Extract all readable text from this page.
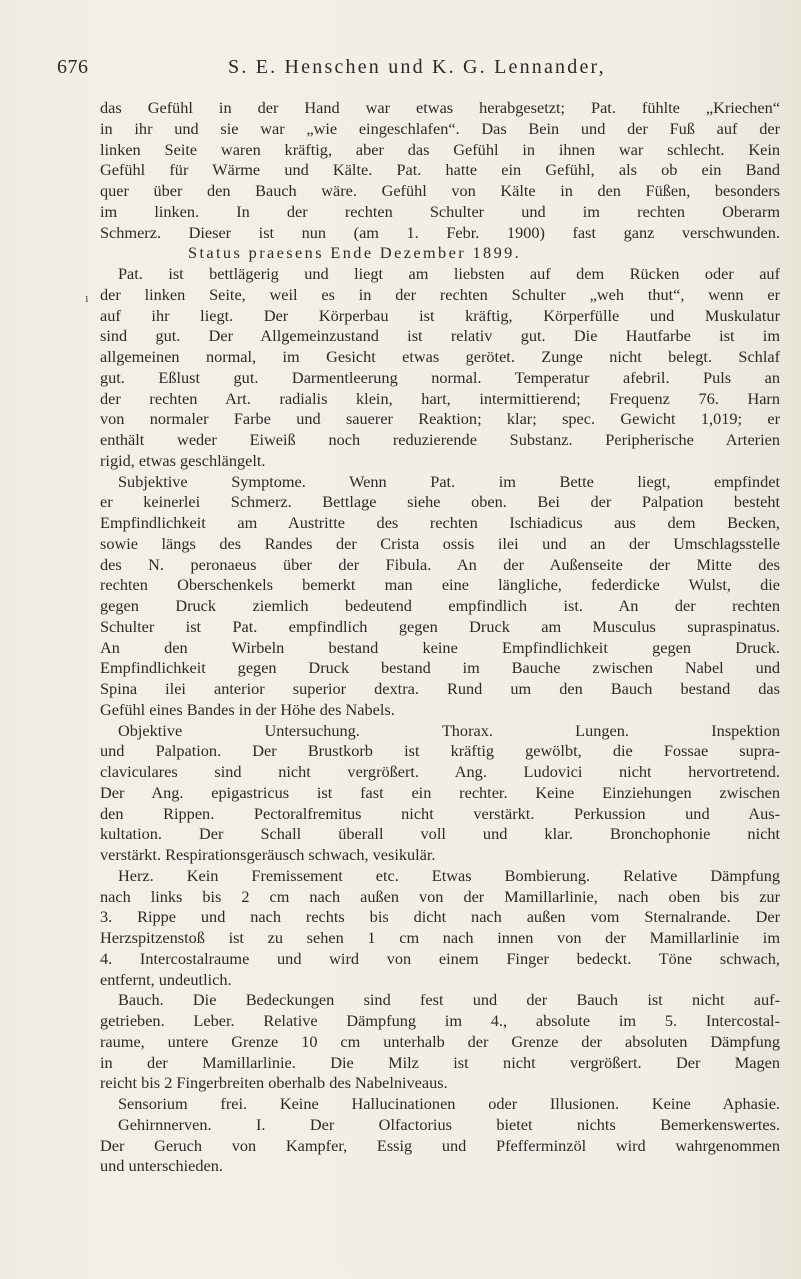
676	S. E. Henschen und K. G. Lennander,
ı
das Gefühl in der Hand war etwas herabgesetzt; Pat. fühlte „Kriechen“
in ihr und sie war „wie eingeschlafen“. Das Bein und der Fuß auf der
linken Seite waren kräftig, aber das Gefühl in ihnen war schlecht. Kein
Gefühl für Wärme und Kälte. Pat. hatte ein Gefühl, als ob ein Band
quer über den Bauch wäre. Gefühl von Kälte in den Füßen, besonders
im linken. In der rechten Schulter und im rechten Oberarm
Schmerz. Dieser ist nun (am 1. Febr. 1900) fast ganz verschwunden.
Status praesens Ende Dezember 1899.
Pat. ist bettlägerig und liegt am liebsten auf dem Rücken oder auf
der linken Seite, weil es in der rechten Schulter „weh thut“, wenn er
auf ihr liegt. Der Körperbau ist kräftig, Körperfülle und Muskulatur
sind gut. Der Allgemeinzustand ist relativ gut. Die Hautfarbe ist im
allgemeinen normal, im Gesicht etwas gerötet. Zunge nicht belegt. Schlaf
gut. Eßlust gut. Darmentleerung normal. Temperatur afebril. Puls an
der rechten Art. radialis klein, hart, intermittierend; Frequenz 76. Harn
von normaler Farbe und sauerer Reaktion; klar; spec. Gewicht 1,019; er
enthält weder Eiweiß noch reduzierende Substanz. Peripherische Arterien
rigid, etwas geschlängelt.
Subjektive Symptome. Wenn Pat. im Bette liegt, empfindet
er keinerlei Schmerz. Bettlage siehe oben. Bei der Palpation besteht
Empfindlichkeit am Austritte des rechten Ischiadicus aus dem Becken,
sowie längs des Randes der Crista ossis ilei und an der Umschlagsstelle
des N. peronaeus über der Fibula. An der Außenseite der Mitte des
rechten Oberschenkels bemerkt man eine längliche, federdicke Wulst, die
gegen Druck ziemlich bedeutend empfindlich ist. An der rechten
Schulter ist Pat. empfindlich gegen Druck am Musculus supraspinatus.
An den Wirbeln bestand keine Empfindlichkeit gegen Druck.
Empfindlichkeit gegen Druck bestand im Bauche zwischen Nabel und
Spina ilei anterior superior dextra. Rund um den Bauch bestand das
Gefühl eines Bandes in der Höhe des Nabels.
Objektive Untersuchung. Thorax. Lungen. Inspektion
und Palpation. Der Brustkorb ist kräftig gewölbt, die Fossae supra-
claviculares sind nicht vergrößert. Ang. Ludovici nicht hervortretend.
Der Ang. epigastricus ist fast ein rechter. Keine Einziehungen zwischen
den Rippen. Pectoralfremitus nicht verstärkt. Perkussion und Aus-
kultation. Der Schall überall voll und klar. Bronchophonie nicht
verstärkt. Respirationsgeräusch schwach, vesikulär.
Herz. Kein Fremissement etc. Etwas Bombierung. Relative Dämpfung
nach links bis 2 cm nach außen von der Mamillarlinie, nach oben bis zur
3. Rippe und nach rechts bis dicht nach außen vom Sternalrande. Der
Herzspitzenstoß ist zu sehen 1 cm nach innen von der Mamillarlinie im
4. Intercostalraume und wird von einem Finger bedeckt. Töne schwach,
entfernt, undeutlich.
Bauch. Die Bedeckungen sind fest und der Bauch ist nicht auf-
getrieben. Leber. Relative Dämpfung im 4., absolute im 5. Intercostal-
raume, untere Grenze 10 cm unterhalb der Grenze der absoluten Dämpfung
in der Mamillarlinie. Die Milz ist nicht vergrößert. Der Magen
reicht bis 2 Fingerbreiten oberhalb des Nabelniveaus.
Sensorium frei. Keine Hallucinationen oder Illusionen. Keine Aphasie.
Gehirnnerven. I. Der Olfactorius bietet nichts Bemerkenswertes.
Der Geruch von Kampfer, Essig und Pfefferminzöl wird wahrgenommen
und unterschieden.
